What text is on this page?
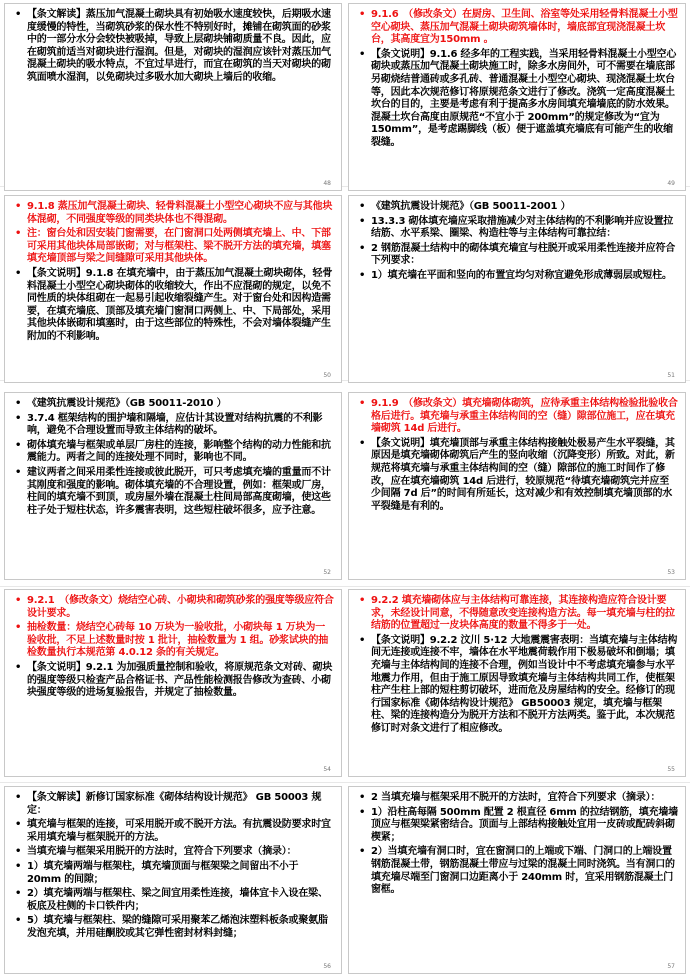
• 【条文解读】蒸压加气混凝土砌块具有初始吸水速度较快，后期吸水速度缓慢的特性，当砌筑砂浆的保水性不特别好时，摊铺在砌筑面的砂浆中的一部分水分会较快被吸掉，导致上层砌块铺砌质量不良。因此，应在砌筑前适当对砌块进行湿润。但是，对砌块的湿润应该针对蒸压加气混凝土砌块的吸水特点，不宜过早进行，而宜在砌筑的当天对砌块的砌筑面喷水湿润，以免砌块过多吸水加大砌块上墙后的收缩。
48
• 9.1.6　（修改条文）在厨房、卫生间、浴室等处采用轻骨料混凝土小型空心砌块、蒸压加气混凝土砌块砌筑墙体时，墙底部宜现浇混凝土坎台，其高度宜为150mm 。
• 【条文说明】9.1.6 经多年的工程实践，当采用轻骨料混凝土小型空心砌块或蒸压加气混凝土砌块施工时，除多水房间外，可不需要在墙底部另砌烧结普通砖或多孔砖、普通混凝土小型空心砌块、现浇混凝土坎台等，因此本次规范修订将原规范条文进行了修改。浇筑一定高度混凝土坎台的目的，主要是考虑有利于提高多水房间填充墙墙底的防水效果。混凝土坎台高度由原规范“不宜小于 200mm”的规定修改为“宜为 150mm”，是考虑踢脚线（板）便于遮盖填充墙底有可能产生的收缩裂缝。
49
• 9.1.8 蒸压加气混凝土砌块、轻骨料混凝土小型空心砌块不应与其他块体混砌，不同强度等级的同类块体也不得混砌。
• 注：窗台处和因安装门窗需要，在门窗洞口处两侧填充墙上、中、下部可采用其他块体局部嵌砌；对与框架柱、梁不脱开方法的填充墙，填塞填充墙顶部与梁之间缝隙可采用其他块体。
• 【条文说明】9.1.8 在填充墙中，由于蒸压加气混凝土砌块砌体，轻骨料混凝土小型空心砌块砌体的收缩较大，作出不应混砌的规定，以免不同性质的块体组砌在一起易引起收缩裂缝产生。对于窗台处和因构造需要，在填充墙底、顶部及填充墙门窗洞口两侧上、中、下局部处，采用其他块体嵌砌和填塞时，由于这些部位的特殊性，不会对墙体裂缝产生附加的不利影响。
50
• 《建筑抗震设计规范》（GB 50011-2001 ）
• 13.3.3 砌体填充墙应采取措施减少对主体结构的不利影响并应设置拉结筋、水平系梁、圈梁、构造柱等与主体结构可靠拉结：
• 2 钢筋混凝土结构中的砌体填充墙宜与柱脱开或采用柔性连接并应符合下列要求：
• 1）填充墙在平面和竖向的布置宜均匀对称宜避免形成薄弱层或短柱。
51
• 《建筑抗震设计规范》（GB 50011-2010 ）
• 3.7.4 框架结构的围护墙和隔墙，应估计其设置对结构抗震的不利影响，避免不合理设置而导致主体结构的破坏。
• 砌体填充墙与框架或单层厂房柱的连接，影响整个结构的动力性能和抗震能力。两者之间的连接处理不同时，影响也不同。
• 建议两者之间采用柔性连接或彼此脱开，可只考虑填充墙的重量而不计其刚度和强度的影响。砌体填充墙的不合理设置，例如：框架或厂房，柱间的填充墙不到顶，或房屋外墙在混凝土柱间局部高度砌墙，使这些柱子处于短柱状态，许多震害表明，这些短柱破坏很多，应予注意。
52
• 9.1.9　（修改条文）填充墙砌体砌筑，应待承重主体结构检验批验收合格后进行。填充墙与承重主体结构间的空（缝）隙部位施工，应在填充墙砌筑 14d 后进行。
• 【条文说明】填充墙顶部与承重主体结构接触处极易产生水平裂缝，其原因是填充墙砌体砌筑后产生的竖向收缩（沉降变形）所致。对此，新规范将填充墙与承重主体结构间的空（缝）隙部位的施工时间作了修改，应在填充墙砌筑 14d 后进行，较原规范“待填充墙砌筑完并应至少间隔 7d 后”的时间有所延长，这对减少和有效控制填充墙顶部的水平裂缝是有利的。
53
• 9.2.1　（修改条文）烧结空心砖、小砌块和砌筑砂浆的强度等级应符合设计要求。
• 抽检数量：烧结空心砖每 10 万块为一验收批，小砌块每 1 万块为一验收批，不足上述数量时按 1 批计，抽检数量为 1 组。砂浆试块的抽检数量执行本规范第 4.0.12 条的有关规定。
• 【条文说明】9.2.1 为加强质量控制和验收，将原规范条文对砖、砌块的强度等级只检查产品合格证书、产品性能检测报告修改为查砖、小砌块强度等级的进场复验报告，并规定了抽检数量。
54
• 9.2.2 填充墙砌体应与主体结构可靠连接，其连接构造应符合设计要求，未经设计同意，不得随意改变连接构造方法。每一填充墙与柱的拉结筋的位置超过一皮块体高度的数量不得多于一处。
• 【条文说明】9.2.2 汶川 5·12 大地震震害表明：当填充墙与主体结构间无连接或连接不牢，墙体在水平地震荷载作用下极易破坏和倒塌；填充墙与主体结构间的连接不合理，例如当设计中不考虑填充墙参与水平地震力作用，但由于施工原因导致填充墙与主体结构共同工作，使框架柱产生柱上部的短柱剪切破坏，进而危及房屋结构的安全。经修订的现行国家标准《砌体结构设计规范》 GB50003 规定，填充墙与框架柱、梁的连接构造分为脱开方法和不脱开方法两类。鉴于此，本次规范修订时对条文进行了相应修改。
55
• 【条文解读】新修订国家标准《砌体结构设计规范》 GB 50003 规定：
• 填充墙与框架的连接，可采用脱开或不脱开方法。有抗震设防要求时宜采用填充墙与框架脱开的方法。
• 当填充墙与框架采用脱开的方法时，宜符合下列要求（摘录）：
• 1）填充墙两端与框架柱，填充墙顶面与框架梁之间留出不小于 20mm 的间隙；
• 2）填充墙两端与框架柱、梁之间宜用柔性连接，墙体宜卡入设在梁、板底及柱侧的卡口铁件内；
• 5）填充墙与框架柱、梁的缝隙可采用聚苯乙烯泡沫塑料板条或聚氨脂发泡充填，并用硅酮胶或其它弹性密封材料封缝；
56
• 2 当填充墙与框架采用不脱开的方法时，宜符合下列要求（摘录）：
• 1）沿柱高每隔 500mm 配置 2 根直径 6mm 的拉结钢筋，填充墙墙顶应与框架梁紧密结合。顶面与上部结构接触处宜用一皮砖或配砖斜砌楔紧；
• 2）当填充墙有洞口时，宜在窗洞口的上端或下端、门洞口的上端设置钢筋混凝土带，钢筋混凝土带应与过梁的混凝土同时浇筑。当有洞口的填充墙尽端至门窗洞口边距离小于 240mm 时，宜采用钢筋混凝土门窗框。
57
